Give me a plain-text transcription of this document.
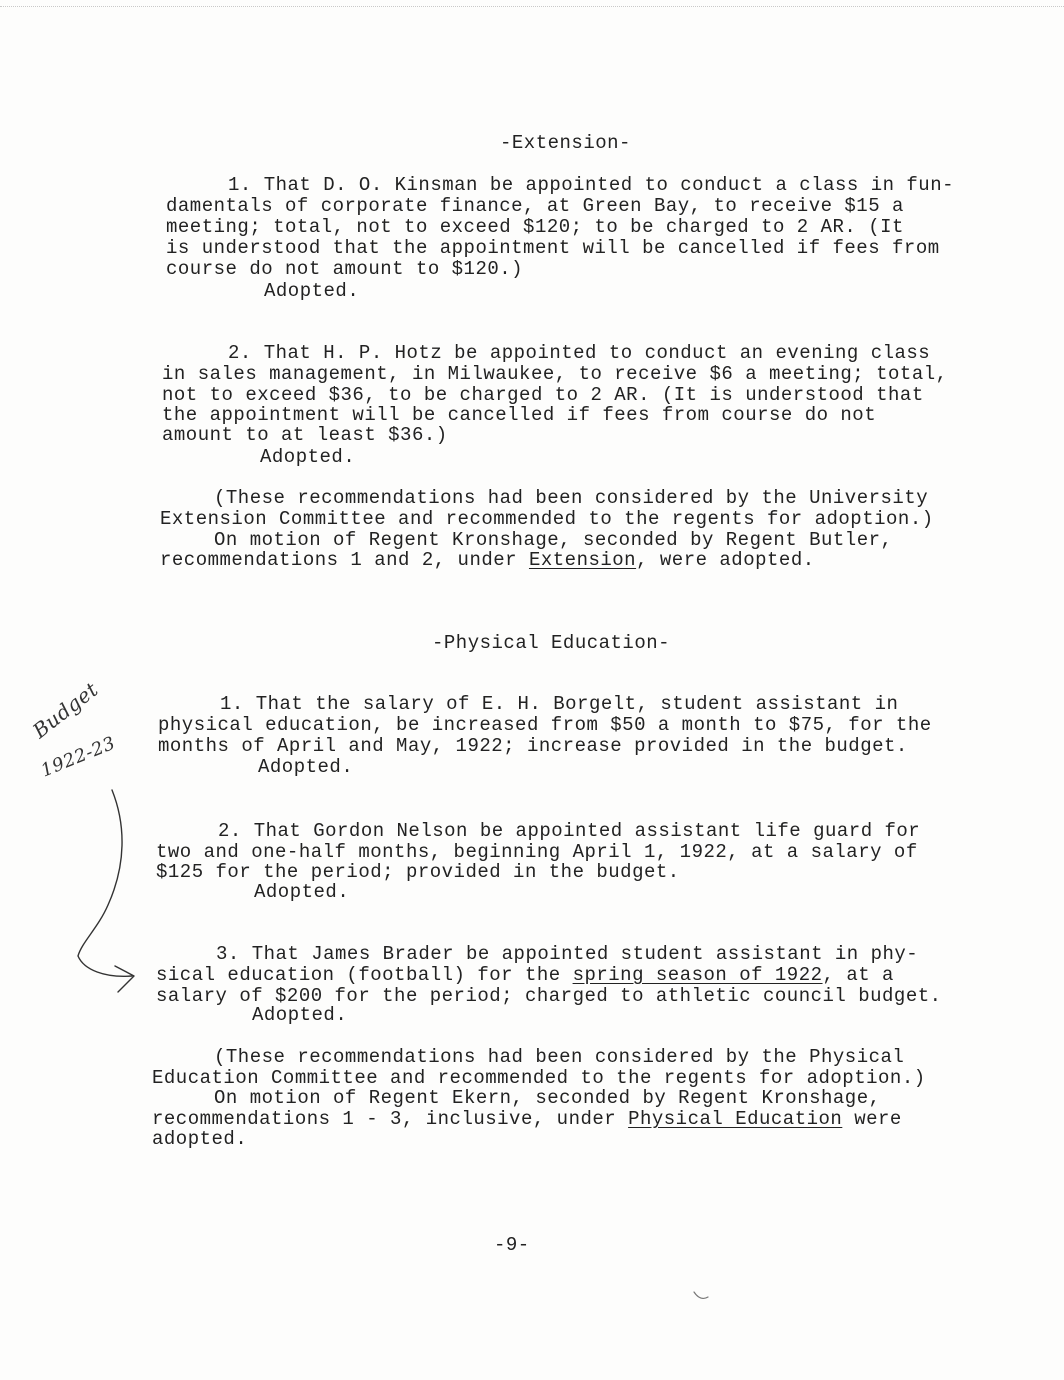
-Extension-
1. That D. O. Kinsman be appointed to conduct a class in fun-
damentals of corporate finance, at Green Bay, to receive $15 a
meeting; total, not to exceed $120; to be charged to 2 AR. (It
is understood that the appointment will be cancelled if fees from
course do not amount to $120.)
Adopted.
2. That H. P. Hotz be appointed to conduct an evening class
in sales management, in Milwaukee, to receive $6 a meeting; total,
not to exceed $36, to be charged to 2 AR. (It is understood that
the appointment will be cancelled if fees from course do not
amount to at least $36.)
Adopted.
(These recommendations had been considered by the University
Extension Committee and recommended to the regents for adoption.)
On motion of Regent Kronshage, seconded by Regent Butler,
recommendations 1 and 2, under Extension, were adopted.
-Physical Education-
1. That the salary of E. H. Borgelt, student assistant in
physical education, be increased from $50 a month to $75, for the
months of April and May, 1922; increase provided in the budget.
Adopted.
2. That Gordon Nelson be appointed assistant life guard for
two and one-half months, beginning April 1, 1922, at a salary of
$125 for the period; provided in the budget.
Adopted.
3. That James Brader be appointed student assistant in phy-
sical education (football) for the spring season of 1922, at a
salary of $200 for the period; charged to athletic council budget.
Adopted.
(These recommendations had been considered by the Physical
Education Committee and recommended to the regents for adoption.)
On motion of Regent Ekern, seconded by Regent Kronshage,
recommendations 1 - 3, inclusive, under Physical Education were
adopted.
Budget
1922-23
-9-
